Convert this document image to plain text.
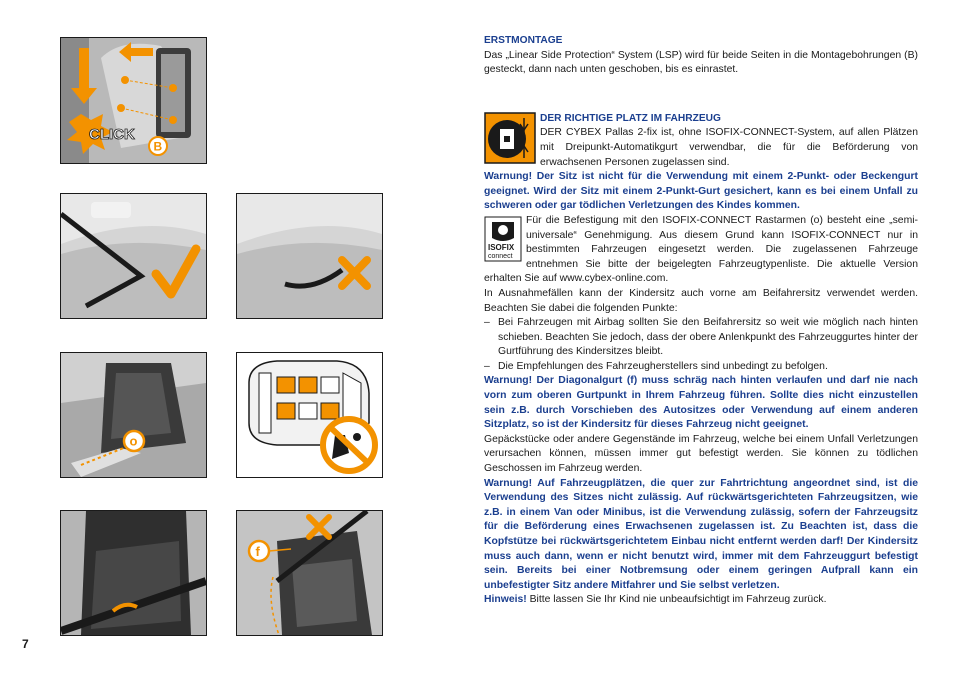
CLICK
B
o
f
7

ERSTMONTAGE

Das „Linear Side Protection“ System (LSP) wird für beide Seiten in die Montagebohrungen (B) gesteckt, dann nach unten geschoben, bis es einrastet.

DER RICHTIGE PLATZ IM FAHRZEUG

DER CYBEX Pallas 2-fix ist, ohne ISOFIX-CONNECT-System, auf allen Plätzen mit Dreipunkt-Automatikgurt verwendbar, die für die Beförderung von erwachsenen Personen zugelassen sind.

Warnung! Der Sitz ist nicht für die Verwendung mit einem 2-Punkt- oder Beckengurt geeignet. Wird der Sitz mit einem 2-Punkt-Gurt gesichert, kann es bei einem Unfall zu schweren oder gar tödlichen Verletzungen des Kindes kommen.

ISOFIX
connect

Für die Befestigung mit den ISOFIX-CONNECT Rastarmen (o) besteht eine „semi-universale“ Genehmigung. Aus diesem Grund kann ISOFIX-CONNECT nur in bestimmten Fahrzeugen eingesetzt werden. Die zugelassenen Fahrzeuge entnehmen Sie bitte der beigelegten Fahrzeugtypenliste. Die aktuelle Version erhalten Sie auf www.cybex-online.com.

In Ausnahmefällen kann der Kindersitz auch vorne am Beifahrersitz verwendet werden. Beachten Sie dabei die folgenden Punkte:

– Bei Fahrzeugen mit Airbag sollten Sie den Beifahrersitz so weit wie möglich nach hinten schieben. Beachten Sie jedoch, dass der obere Anlenkpunkt des Fahrzeuggurtes hinter der Gurtführung des Kindersitzes bleibt.
– Die Empfehlungen des Fahrzeugherstellers sind unbedingt zu befolgen.

Warnung! Der Diagonalgurt (f) muss schräg nach hinten verlaufen und darf nie nach vorn zum oberen Gurtpunkt in Ihrem Fahrzeug führen. Sollte dies nicht einzustellen sein z.B. durch Vorschieben des Autositzes oder Verwendung auf einem anderen Sitzplatz, so ist der Kindersitz für dieses Fahrzeug nicht geeignet.

Gepäckstücke oder andere Gegenstände im Fahrzeug, welche bei einem Unfall Verletzungen verursachen können, müssen immer gut befestigt werden. Sie können zu tödlichen Geschossen im Fahrzeug werden.

Warnung! Auf Fahrzeugplätzen, die quer zur Fahrtrichtung angeordnet sind, ist die Verwendung des Sitzes nicht zulässig. Auf rückwärtsgerichteten Fahrzeugsitzen, wie z.B. in einem Van oder Minibus, ist die Verwendung zulässig, sofern der Fahrzeugsitz für die Beförderung eines Erwachsenen zugelassen ist. Zu Beachten ist, dass die Kopfstütze bei rückwärtsgerichtetem Einbau nicht entfernt werden darf! Der Kindersitz muss auch dann, wenn er nicht benutzt wird, immer mit dem Fahrzeuggurt befestigt sein. Bereits bei einer Notbremsung oder einem geringen Aufprall kann ein unbefestigter Sitz andere Mitfahrer und Sie selbst verletzen.

Hinweis! Bitte lassen Sie Ihr Kind nie unbeaufsichtigt im Fahrzeug zurück.
